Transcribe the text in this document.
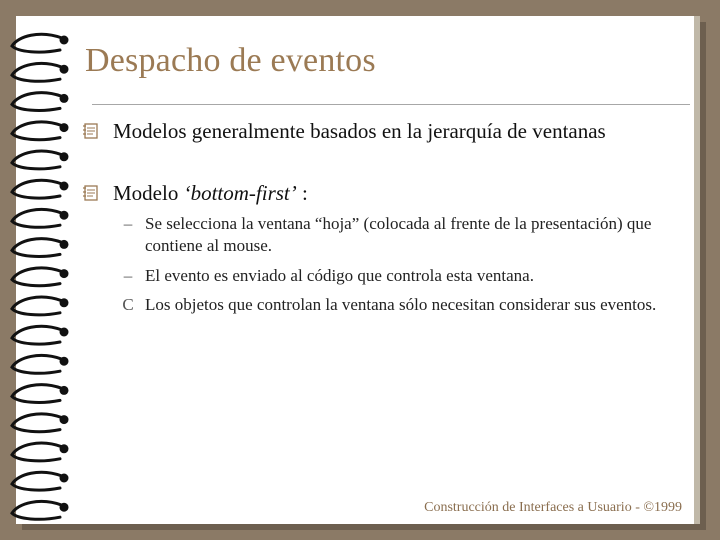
Despacho de eventos
Modelos generalmente basados en la jerarquía de ventanas
Modelo ‘bottom-first’ :
– Se selecciona la ventana “hoja” (colocada al frente de la presentación) que contiene al mouse.
– El evento es enviado al código que controla esta ventana.
C Los objetos que controlan la ventana sólo necesitan considerar sus eventos.
Construcción de Interfaces a Usuario - ©1999
